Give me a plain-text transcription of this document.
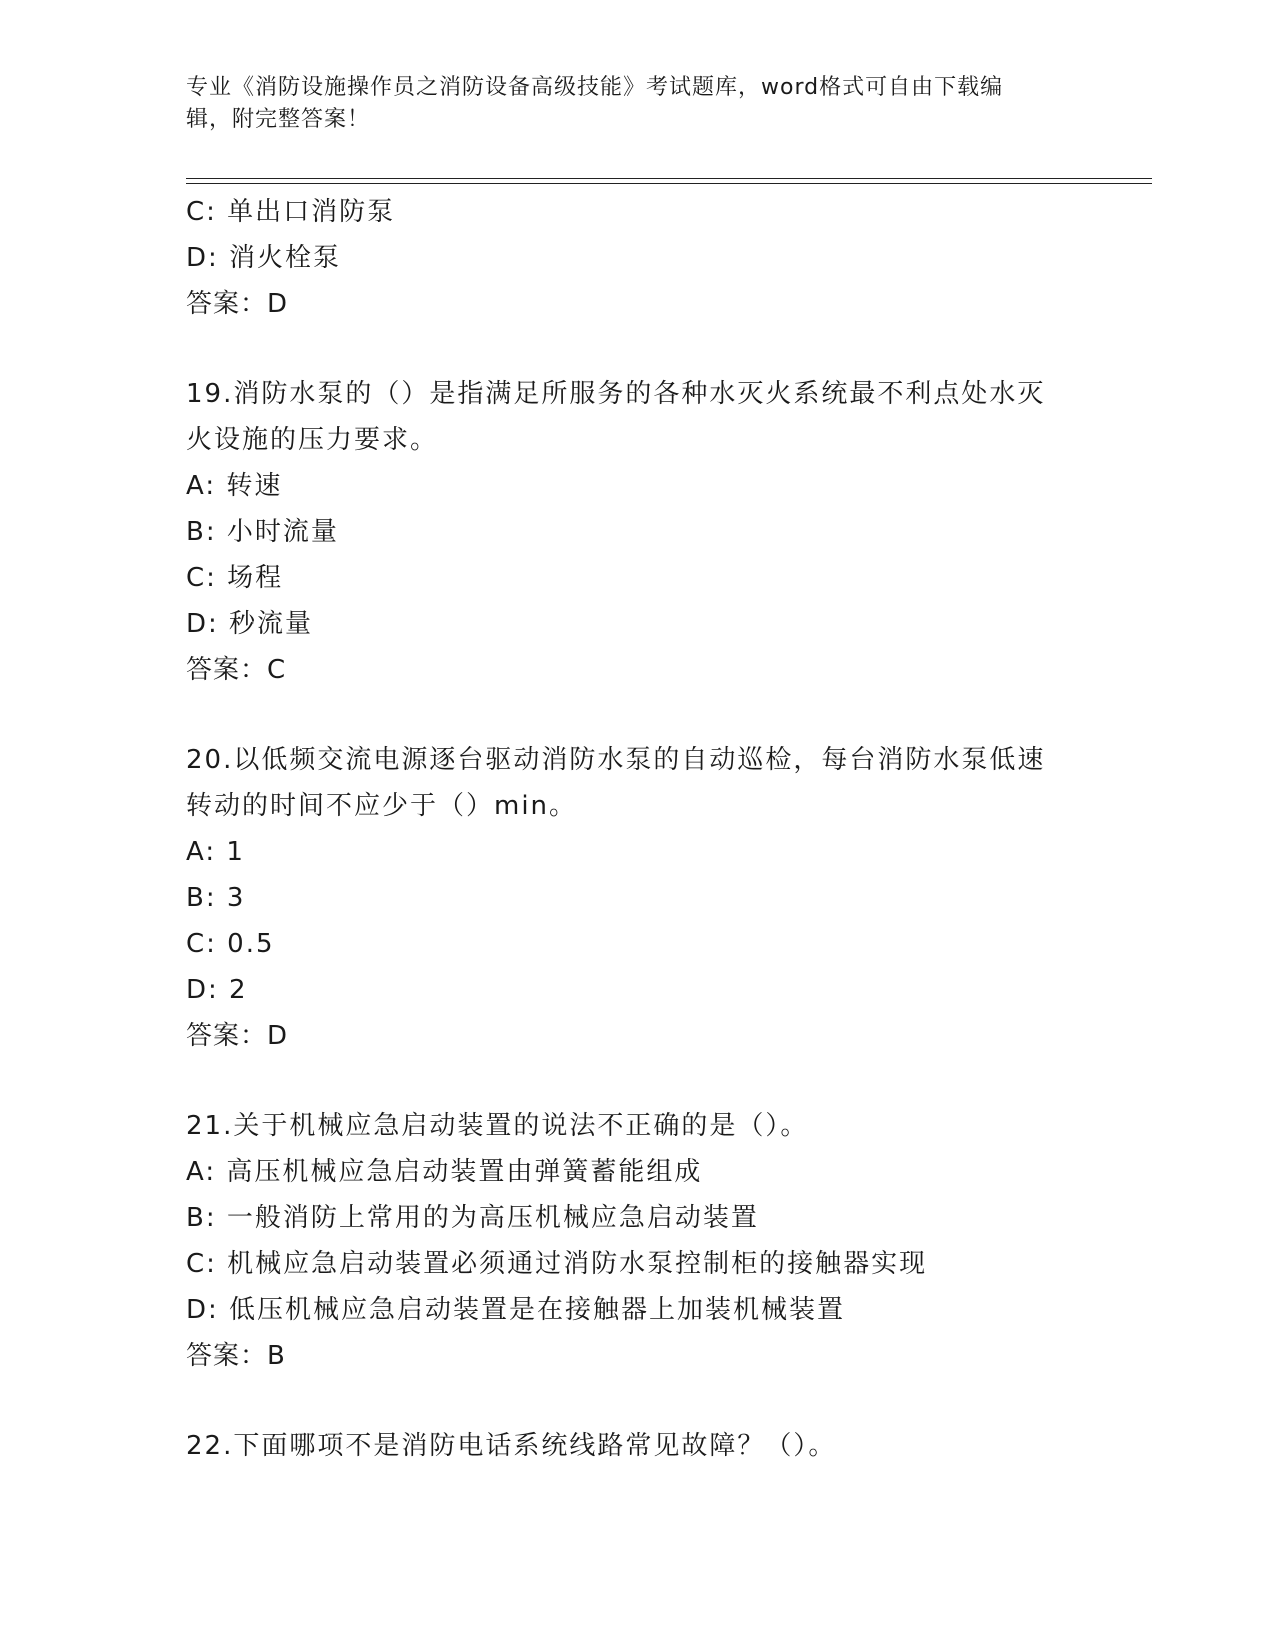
专业《消防设施操作员之消防设备高级技能》考试题库，word格式可自由下载编
辑，附完整答案！
C: 单出口消防泵
D: 消火栓泵
答案：D
19.消防水泵的（）是指满足所服务的各种水灭火系统最不利点处水灭
火设施的压力要求。
A: 转速
B: 小时流量
C: 场程
D: 秒流量
答案：C
20.以低频交流电源逐台驱动消防水泵的自动巡检，每台消防水泵低速
转动的时间不应少于（）min。
A: 1
B: 3
C: 0.5
D: 2
答案：D
21.关于机械应急启动装置的说法不正确的是（）。
A: 高压机械应急启动装置由弹簧蓄能组成
B: 一般消防上常用的为高压机械应急启动装置
C: 机械应急启动装置必须通过消防水泵控制柜的接触器实现
D: 低压机械应急启动装置是在接触器上加装机械装置
答案：B
22.下面哪项不是消防电话系统线路常见故障？（）。
